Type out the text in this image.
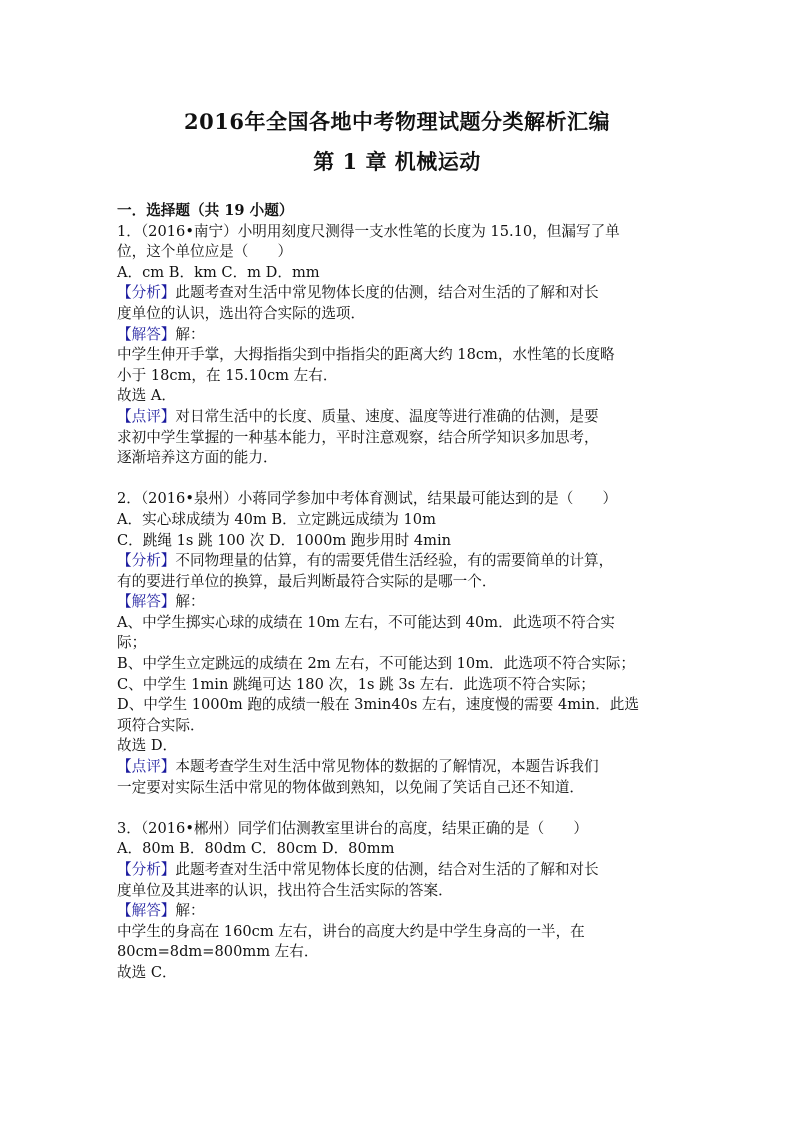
2016年全国各地中考物理试题分类解析汇编
第 1 章 机械运动
一．选择题（共 19 小题）
1．（2016•南宁）小明用刻度尺测得一支水性笔的长度为 15.10，但漏写了单
位，这个单位应是（　　）
A．cm B．km C．m D．mm
【分析】此题考查对生活中常见物体长度的估测，结合对生活的了解和对长
度单位的认识，选出符合实际的选项．
【解答】解：
中学生伸开手掌，大拇指指尖到中指指尖的距离大约 18cm，水性笔的长度略
小于 18cm，在 15.10cm 左右．
故选 A．
【点评】对日常生活中的长度、质量、速度、温度等进行准确的估测，是要
求初中学生掌握的一种基本能力，平时注意观察，结合所学知识多加思考，
逐渐培养这方面的能力．
2．（2016•泉州）小蒋同学参加中考体育测试，结果最可能达到的是（　　）
A．实心球成绩为 40m B．立定跳远成绩为 10m
C．跳绳 1s 跳 100 次 D．1000m 跑步用时 4min
【分析】不同物理量的估算，有的需要凭借生活经验，有的需要简单的计算，
有的要进行单位的换算，最后判断最符合实际的是哪一个．
【解答】解：
A、中学生掷实心球的成绩在 10m 左右，不可能达到 40m．此选项不符合实
际；
B、中学生立定跳远的成绩在 2m 左右，不可能达到 10m．此选项不符合实际；
C、中学生 1min 跳绳可达 180 次，1s 跳 3s 左右．此选项不符合实际；
D、中学生 1000m 跑的成绩一般在 3min40s 左右，速度慢的需要 4min．此选
项符合实际．
故选 D．
【点评】本题考查学生对生活中常见物体的数据的了解情况，本题告诉我们
一定要对实际生活中常见的物体做到熟知，以免闹了笑话自己还不知道．
3．（2016•郴州）同学们估测教室里讲台的高度，结果正确的是（　　）
A．80m B．80dm C．80cm D．80mm
【分析】此题考查对生活中常见物体长度的估测，结合对生活的了解和对长
度单位及其进率的认识，找出符合生活实际的答案．
【解答】解：
中学生的身高在 160cm 左右，讲台的高度大约是中学生身高的一半，在
80cm=8dm=800mm 左右．
故选 C．
